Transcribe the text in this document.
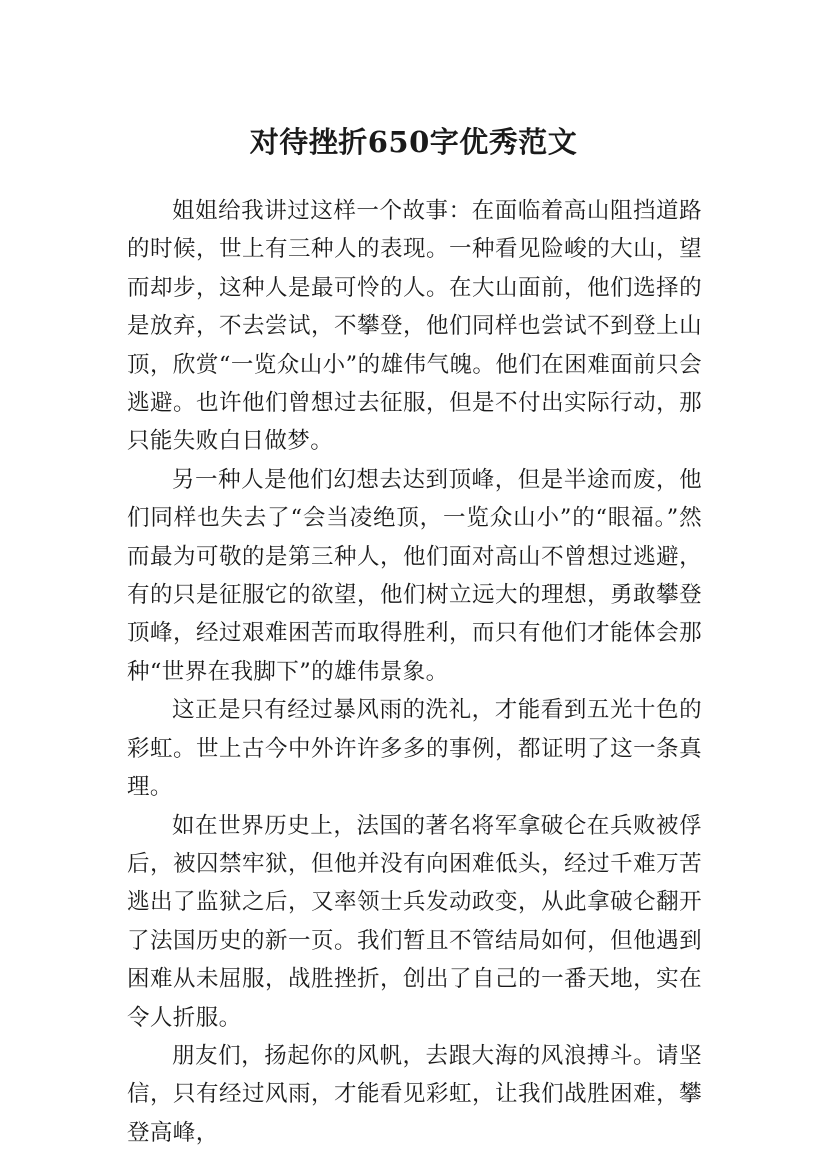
对待挫折650字优秀范文

姐姐给我讲过这样一个故事：在面临着高山阻挡道路的时候，世上有三种人的表现。一种看见险峻的大山，望而却步，这种人是最可怜的人。在大山面前，他们选择的是放弃，不去尝试，不攀登，他们同样也尝试不到登上山顶，欣赏“一览众山小”的雄伟气魄。他们在困难面前只会逃避。也许他们曾想过去征服，但是不付出实际行动，那只能失败白日做梦。

另一种人是他们幻想去达到顶峰，但是半途而废，他们同样也失去了“会当凌绝顶，一览众山小”的“眼福。”然而最为可敬的是第三种人，他们面对高山不曾想过逃避，有的只是征服它的欲望，他们树立远大的理想，勇敢攀登顶峰，经过艰难困苦而取得胜利，而只有他们才能体会那种“世界在我脚下”的雄伟景象。

这正是只有经过暴风雨的洗礼，才能看到五光十色的彩虹。世上古今中外许许多多的事例，都证明了这一条真理。

如在世界历史上，法国的著名将军拿破仑在兵败被俘后，被囚禁牢狱，但他并没有向困难低头，经过千难万苦逃出了监狱之后，又率领士兵发动政变，从此拿破仑翻开了法国历史的新一页。我们暂且不管结局如何，但他遇到困难从未屈服，战胜挫折，创出了自己的一番天地，实在令人折服。

朋友们，扬起你的风帆，去跟大海的风浪搏斗。请坚信，只有经过风雨，才能看见彩虹，让我们战胜困难，攀登高峰，
